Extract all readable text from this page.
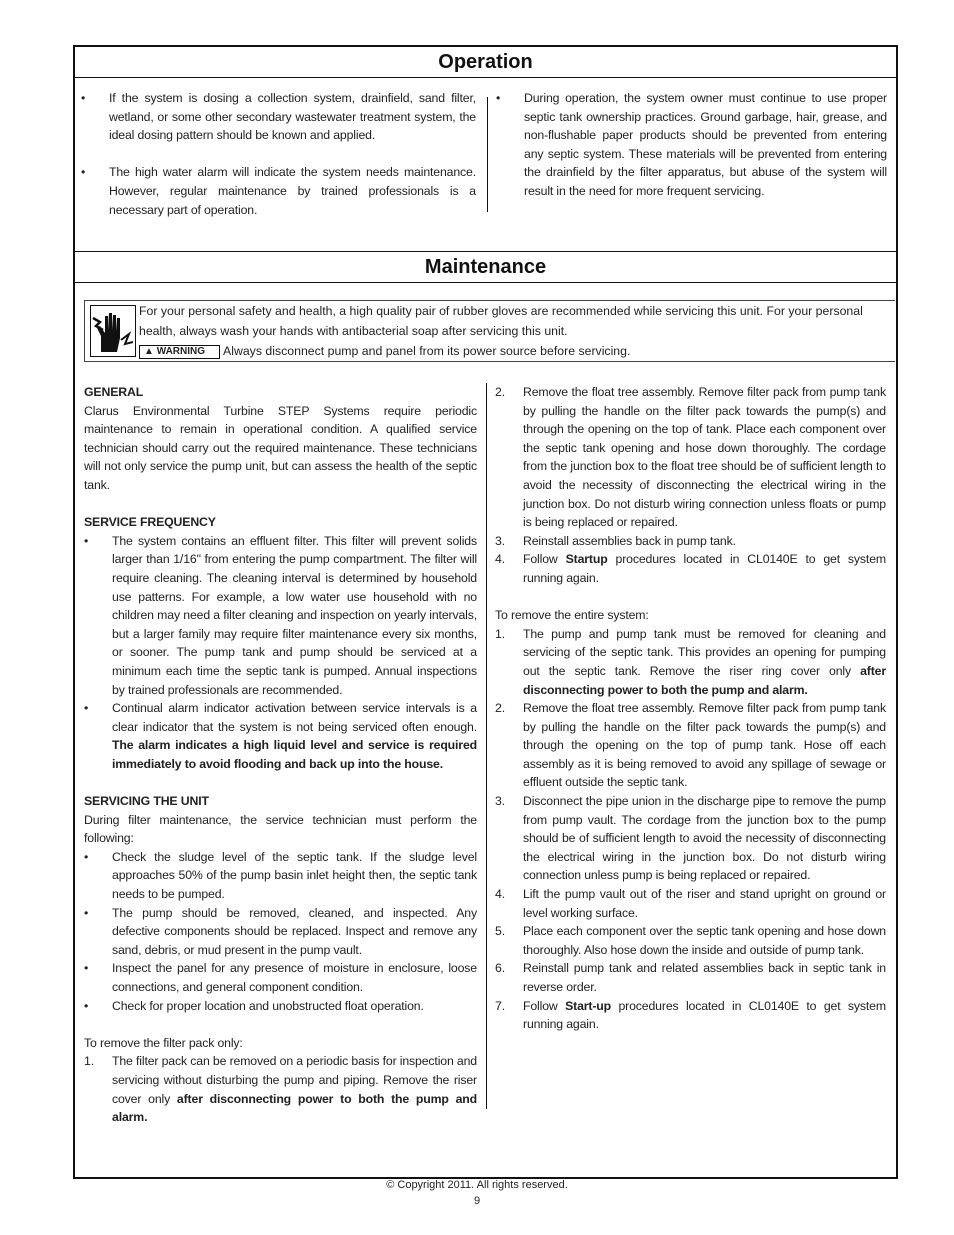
Operation
• If the system is dosing a collection system, drainfield, sand filter, wetland, or some other secondary wastewater treatment system, the ideal dosing pattern should be known and applied.

• The high water alarm will indicate the system needs maintenance. However, regular maintenance by trained professionals is a necessary part of operation.

• During operation, the system owner must continue to use proper septic tank ownership practices. Ground garbage, hair, grease, and non-flushable paper products should be prevented from entering any septic system. These materials will be prevented from entering the drainfield by the filter apparatus, but abuse of the system will result in the need for more frequent servicing.

Maintenance

For your personal safety and health, a high quality pair of rubber gloves are recommended while servicing this unit. For your personal health, always wash your hands with antibacterial soap after servicing this unit.

▲ WARNING Always disconnect pump and panel from its power source before servicing.

GENERAL

Clarus Environmental Turbine STEP Systems require periodic maintenance to remain in operational condition. A qualified service technician should carry out the required maintenance. These technicians will not only service the pump unit, but can assess the health of the septic tank.

SERVICE FREQUENCY

• The system contains an effluent filter. This filter will prevent solids larger than 1/16" from entering the pump compartment. The filter will require cleaning. The cleaning interval is determined by household use patterns. For example, a low water use household with no children may need a filter cleaning and inspection on yearly intervals, but a larger family may require filter maintenance every six months, or sooner. The pump tank and pump should be serviced at a minimum each time the septic tank is pumped. Annual inspections by trained professionals are recommended.

• Continual alarm indicator activation between service intervals is a clear indicator that the system is not being serviced often enough. The alarm indicates a high liquid level and service is required immediately to avoid flooding and back up into the house.

SERVICING THE UNIT

During filter maintenance, the service technician must perform the following:

• Check the sludge level of the septic tank. If the sludge level approaches 50% of the pump basin inlet height then, the septic tank needs to be pumped.

• The pump should be removed, cleaned, and inspected. Any defective components should be replaced. Inspect and remove any sand, debris, or mud present in the pump vault.

• Inspect the panel for any presence of moisture in enclosure, loose connections, and general component condition.

• Check for proper location and unobstructed float operation.

To remove the filter pack only:

1. The filter pack can be removed on a periodic basis for inspection and servicing without disturbing the pump and piping. Remove the riser cover only after disconnecting power to both the pump and alarm.

2. Remove the float tree assembly. Remove filter pack from pump tank by pulling the handle on the filter pack towards the pump(s) and through the opening on the top of tank. Place each component over the septic tank opening and hose down thoroughly. The cordage from the junction box to the float tree should be of sufficient length to avoid the necessity of disconnecting the electrical wiring in the junction box. Do not disturb wiring connection unless floats or pump is being replaced or repaired.

3. Reinstall assemblies back in pump tank.

4. Follow Startup procedures located in CL0140E to get system running again.

To remove the entire system:

1. The pump and pump tank must be removed for cleaning and servicing of the septic tank. This provides an opening for pumping out the septic tank. Remove the riser ring cover only after disconnecting power to both the pump and alarm.

2. Remove the float tree assembly. Remove filter pack from pump tank by pulling the handle on the filter pack towards the pump(s) and through the opening on the top of pump tank. Hose off each assembly as it is being removed to avoid any spillage of sewage or effluent outside the septic tank.

3. Disconnect the pipe union in the discharge pipe to remove the pump from pump vault. The cordage from the junction box to the pump should be of sufficient length to avoid the necessity of disconnecting the electrical wiring in the junction box. Do not disturb wiring connection unless pump is being replaced or repaired.

4. Lift the pump vault out of the riser and stand upright on ground or level working surface.

5. Place each component over the septic tank opening and hose down thoroughly. Also hose down the inside and outside of pump tank.

6. Reinstall pump tank and related assemblies back in septic tank in reverse order.

7. Follow Start-up procedures located in CL0140E to get system running again.

© Copyright 2011. All rights reserved.
9
